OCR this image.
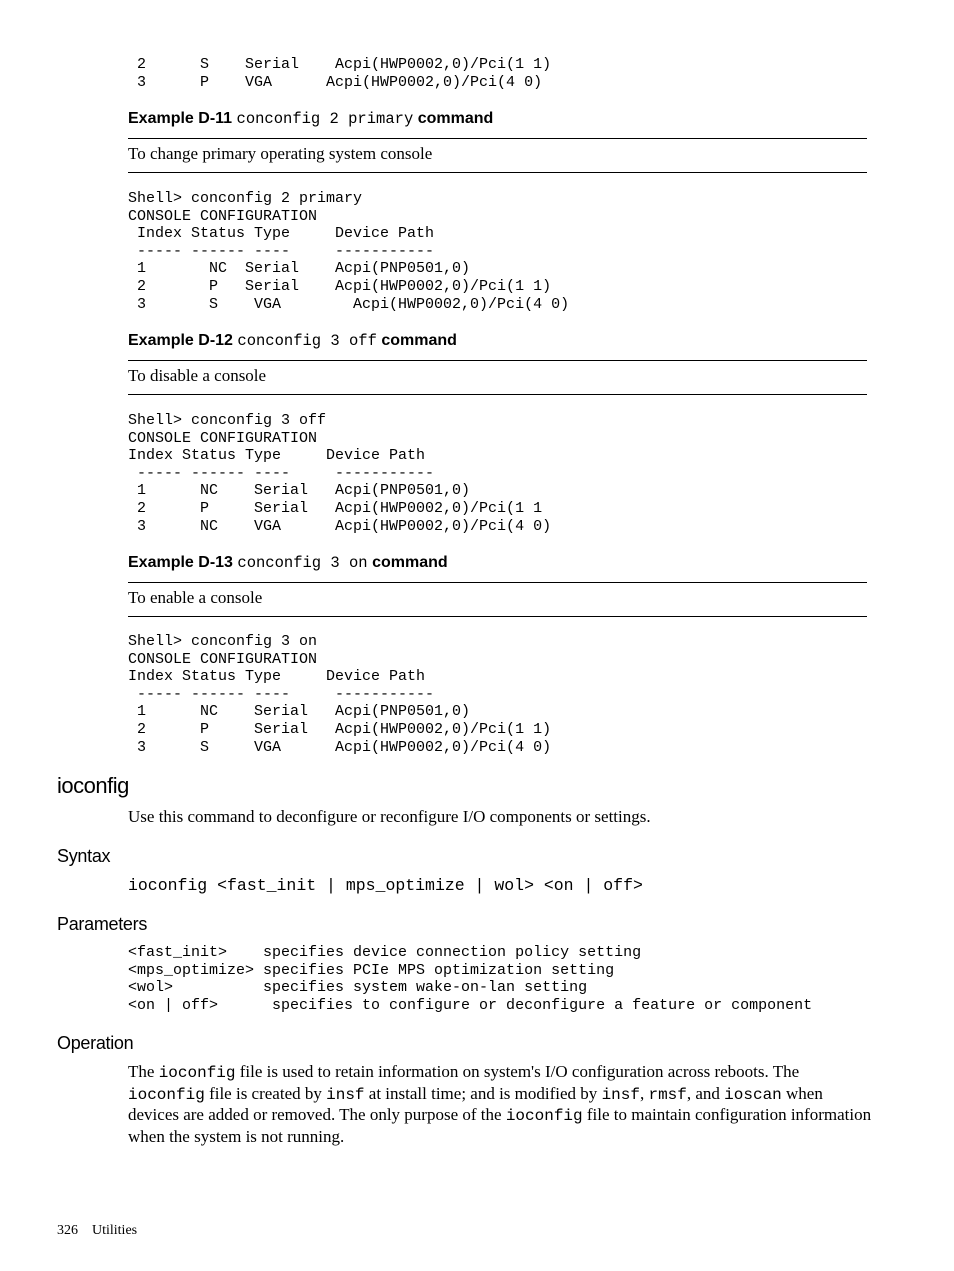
2      S    Serial    Acpi(HWP0002,0)/Pci(1 1)
3      P    VGA      Acpi(HWP0002,0)/Pci(4 0)

Example D-11 conconfig 2 primary command

To change primary operating system console

Shell> conconfig 2 primary
CONSOLE CONFIGURATION
Index Status Type     Device Path
----- ------ ----     -----------
1       NC  Serial    Acpi(PNP0501,0)
2       P   Serial    Acpi(HWP0002,0)/Pci(1 1)
3       S    VGA        Acpi(HWP0002,0)/Pci(4 0)

Example D-12 conconfig 3 off command

To disable a console

Shell> conconfig 3 off
CONSOLE CONFIGURATION
Index Status Type     Device Path
----- ------ ----     -----------
1      NC    Serial   Acpi(PNP0501,0)
2      P     Serial   Acpi(HWP0002,0)/Pci(1 1
3      NC    VGA      Acpi(HWP0002,0)/Pci(4 0)

Example D-13 conconfig 3 on command

To enable a console

Shell> conconfig 3 on
CONSOLE CONFIGURATION
Index Status Type     Device Path
----- ------ ----     -----------
1      NC    Serial   Acpi(PNP0501,0)
2      P     Serial   Acpi(HWP0002,0)/Pci(1 1)
3      S     VGA      Acpi(HWP0002,0)/Pci(4 0)
ioconfig

Use this command to deconfigure or reconfigure I/O components or settings.

Syntax
ioconfig <fast_init | mps_optimize | wol> <on | off>
Parameters
<fast_init>    specifies device connection policy setting
<mps_optimize> specifies PCIe MPS optimization setting
<wol>          specifies system wake-on-lan setting
<on | off>      specifies to configure or deconfigure a feature or component
Operation

The ioconfig file is used to retain information on system's I/O configuration across reboots. The ioconfig file is created by insf at install time; and is modified by insf, rmsf, and ioscan when devices are added or removed. The only purpose of the ioconfig file to maintain configuration information when the system is not running.

326 Utilities
